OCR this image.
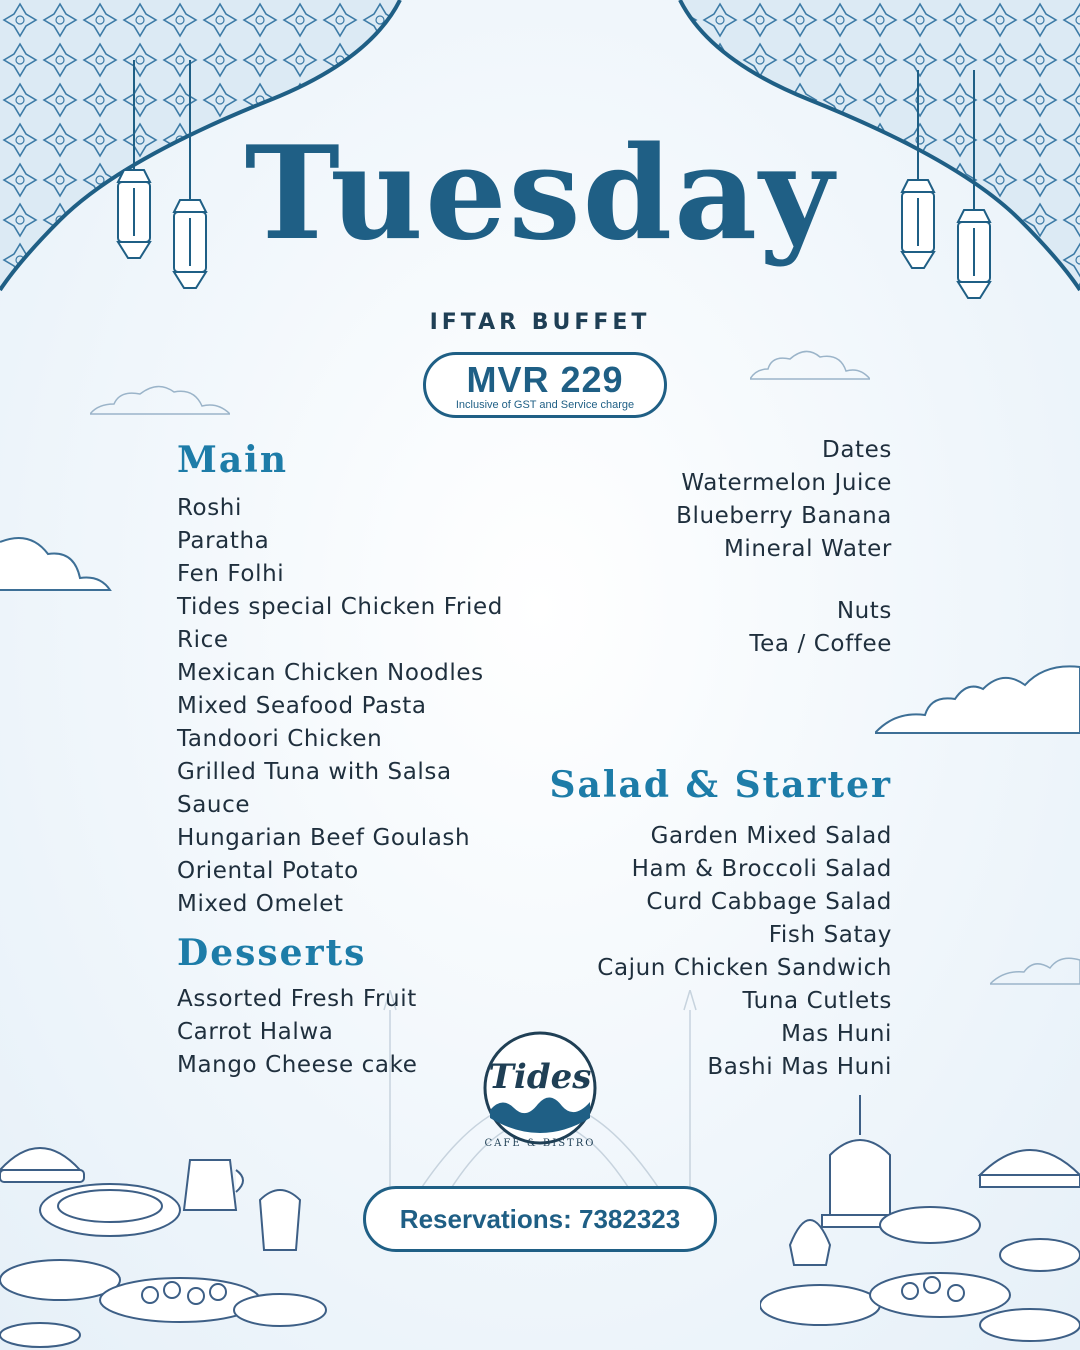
Tuesday
IFTAR BUFFET
MVR 229
Inclusive of GST and Service charge
Main
Roshi
Paratha
Fen Folhi
Tides special Chicken Fried
Rice
Mexican Chicken Noodles
Mixed Seafood Pasta
Tandoori Chicken
Grilled Tuna with Salsa
Sauce
Hungarian Beef Goulash
Oriental Potato
Mixed Omelet
Desserts
Assorted Fresh Fruit
Carrot Halwa
Mango Cheese cake
Dates
Watermelon Juice
Blueberry Banana
Mineral Water
Nuts
Tea / Coffee
Salad & Starter
Garden Mixed Salad
Ham & Broccoli Salad
Curd Cabbage Salad
Fish Satay
Cajun Chicken Sandwich
Tuna Cutlets
Mas Huni
Bashi Mas Huni
Tides
CAFE & BISTRO
Reservations: 7382323
